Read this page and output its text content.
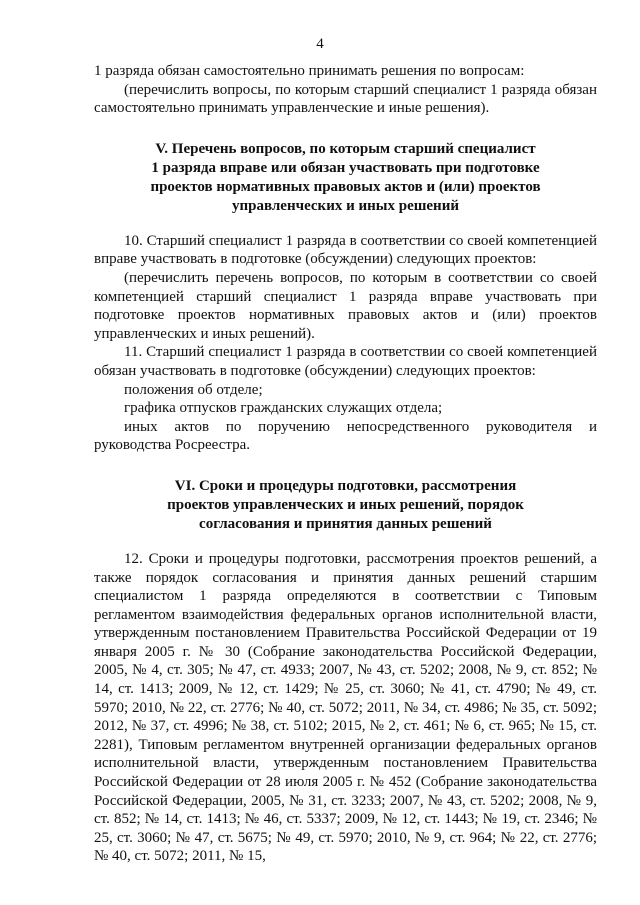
4

1 разряда обязан самостоятельно принимать решения по вопросам:

(перечислить вопросы, по которым старший специалист 1 разряда обязан самостоятельно принимать управленческие и иные решения).

V. Перечень вопросов, по которым старший специалист
1 разряда вправе или обязан участвовать при подготовке
проектов нормативных правовых актов и (или) проектов
управленческих и иных решений

10. Старший специалист 1 разряда в соответствии со своей компетенцией вправе участвовать в подготовке (обсуждении) следующих проектов:

(перечислить перечень вопросов, по которым в соответствии со своей компетенцией старший специалист 1 разряда вправе участвовать при подготовке проектов нормативных правовых актов и (или) проектов управленческих и иных решений).

11. Старший специалист 1 разряда в соответствии со своей компетенцией обязан участвовать в подготовке (обсуждении) следующих проектов:

положения об отделе;

графика отпусков гражданских служащих отдела;

иных актов по поручению непосредственного руководителя и руководства Росреестра.

VI. Сроки и процедуры подготовки, рассмотрения
проектов управленческих и иных решений, порядок
согласования и принятия данных решений

12. Сроки и процедуры подготовки, рассмотрения проектов решений, а также порядок согласования и принятия данных решений старшим специалистом 1 разряда определяются в соответствии с Типовым регламентом взаимодействия федеральных органов исполнительной власти, утвержденным постановлением Правительства Российской Федерации от 19 января 2005 г. № 30 (Собрание законодательства Российской Федерации, 2005, № 4, ст. 305; № 47, ст. 4933; 2007, № 43, ст. 5202; 2008, № 9, ст. 852; № 14, ст. 1413; 2009, № 12, ст. 1429; № 25, ст. 3060; № 41, ст. 4790; № 49, ст. 5970; 2010, № 22, ст. 2776; № 40, ст. 5072; 2011, № 34, ст. 4986; № 35, ст. 5092; 2012, № 37, ст. 4996; № 38, ст. 5102; 2015, № 2, ст. 461; № 6, ст. 965; № 15, ст. 2281), Типовым регламентом внутренней организации федеральных органов исполнительной власти, утвержденным постановлением Правительства Российской Федерации от 28 июля 2005 г. № 452 (Собрание законодательства Российской Федерации, 2005, № 31, ст. 3233; 2007, № 43, ст. 5202; 2008, № 9, ст. 852; № 14, ст. 1413; № 46, ст. 5337; 2009, № 12, ст. 1443; № 19, ст. 2346; № 25, ст. 3060; № 47, ст. 5675; № 49, ст. 5970; 2010, № 9, ст. 964; № 22, ст. 2776; № 40, ст. 5072; 2011, № 15,
